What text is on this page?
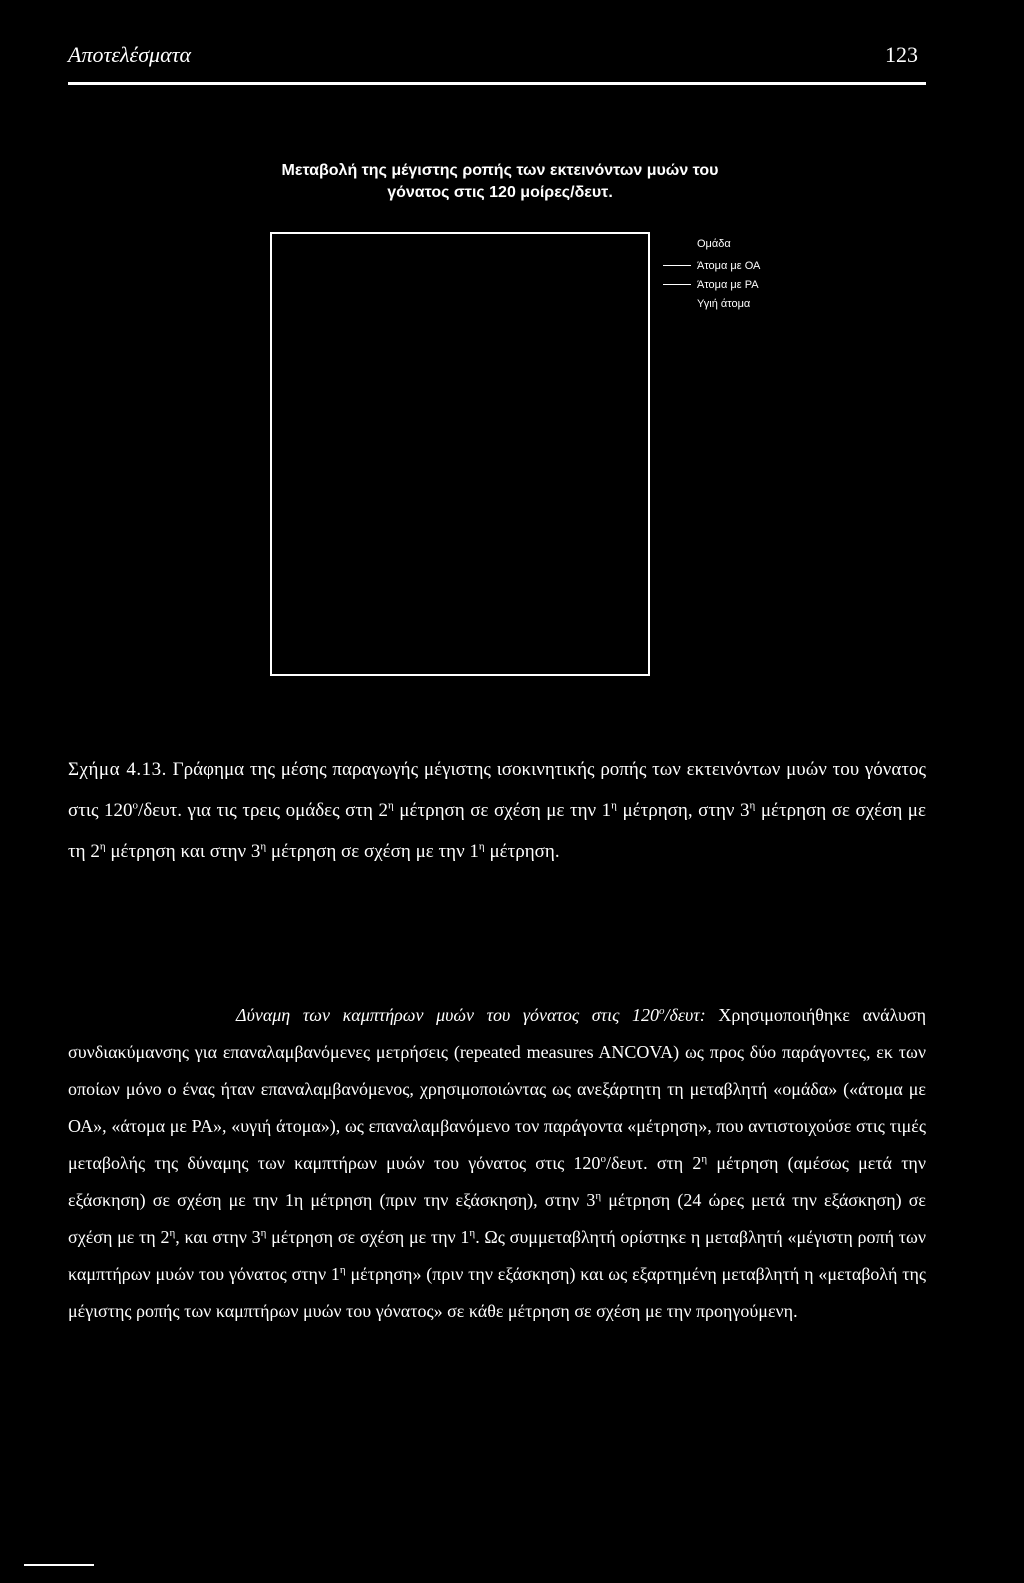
Αποτελέσματα	123
Μεταβολή της μέγιστης ροπής των εκτεινόντων μυών του
γόνατος στις 120 μοίρες/δευτ.
Ομάδα
Άτομα με ΟΑ
Άτομα με ΡΑ
Υγιή άτομα
Σχήμα 4.13. Γράφημα της μέσης παραγωγής μέγιστης ισοκινητικής ροπής των εκτεινόντων μυών του γόνατος στις $120^o$/δευτ. για τις τρεις ομάδες στη $2^\eta$ μέτρηση σε σχέση με την $1^\eta$ μέτρηση, στην $3^\eta$ μέτρηση σε σχέση με τη $2^\eta$ μέτρηση και στην $3^\eta$ μέτρηση σε σχέση με την $1^\eta$ μέτρηση.
Δύναμη των καμπτήρων μυών του γόνατος στις $120^o$/δευτ: Χρησιμοποιήθηκε ανάλυση συνδιακύμανσης για επαναλαμβανόμενες μετρήσεις (repeated measures ANCOVA) ως προς δύο παράγοντες, εκ των οποίων μόνο ο ένας ήταν επαναλαμβανόμενος, χρησιμοποιώντας ως ανεξάρτητη τη μεταβλητή «ομάδα» («άτομα με ΟΑ», «άτομα με ΡΑ», «υγιή άτομα»), ως επαναλαμβανόμενο τον παράγοντα «μέτρηση», που αντιστοιχούσε στις τιμές μεταβολής της δύναμης των καμπτήρων μυών του γόνατος στις $120^o$/δευτ. στη $2^\eta$ μέτρηση (αμέσως μετά την εξάσκηση) σε σχέση με την 1η μέτρηση (πριν την εξάσκηση), στην $3^\eta$ μέτρηση (24 ώρες μετά την εξάσκηση) σε σχέση με τη $2^\eta$, και στην $3^\eta$ μέτρηση σε σχέση με την $1^\eta$. Ως συμμεταβλητή ορίστηκε η μεταβλητή «μέγιστη ροπή των καμπτήρων μυών του γόνατος στην $1^\eta$ μέτρηση» (πριν την εξάσκηση) και ως εξαρτημένη μεταβλητή η «μεταβολή της μέγιστης ροπής των καμπτήρων μυών του γόνατος» σε κάθε μέτρηση σε σχέση με την προηγούμενη.
